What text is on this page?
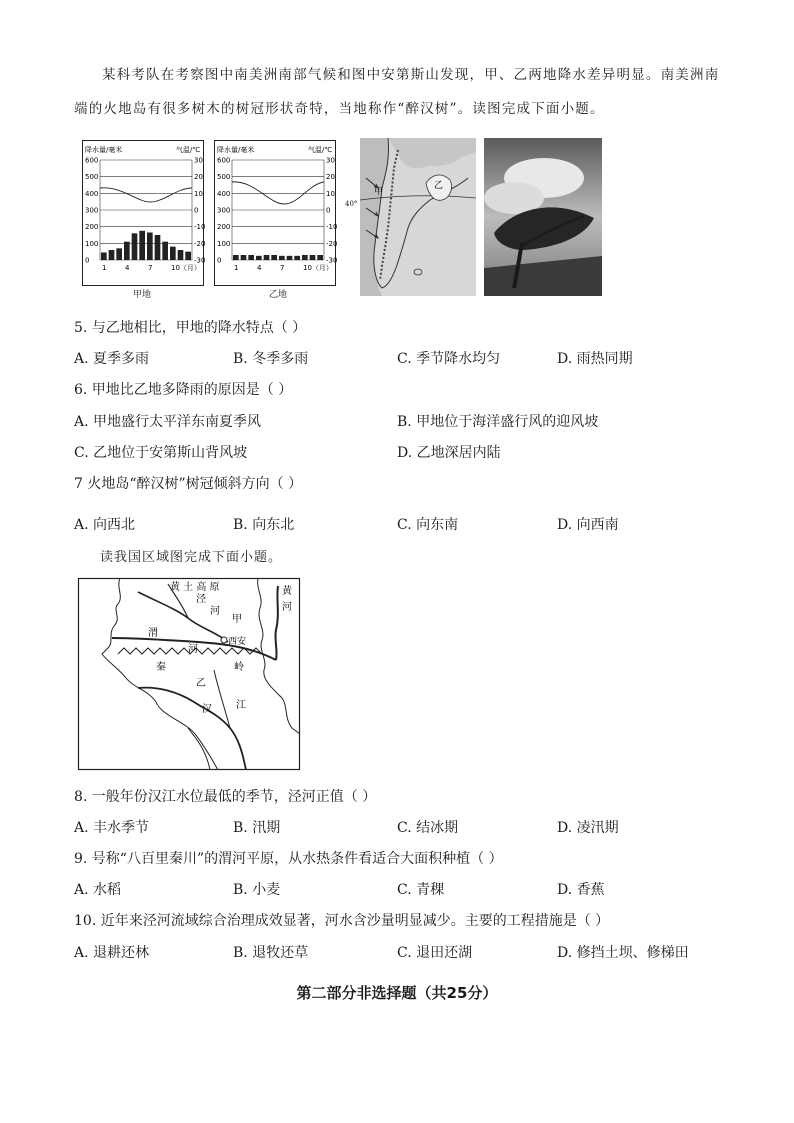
某科考队在考察图中南美洲南部气候和图中安第斯山发现，甲、乙两地降水差异明显。南美洲南端的火地岛有很多树木的树冠形状奇特，当地称作“醉汉树”。读图完成下面小题。
降水量/毫米	气温/℃
600	30
500	20
400	10
300	0
200	-10
100	-20
0	-30
1	4	7	10（月）
甲地
降水量/毫米	气温/℃
600	30
500	20
400	10
300	0
200	-10
100	-20
0	-30
1	4	7	10（月）
乙地
甲
乙
40°
5. 与乙地相比，甲地的降水特点（ ）
A. 夏季多雨	B. 冬季多雨	C. 季节降水均匀	D. 雨热同期
6. 甲地比乙地多降雨的原因是（ ）
A. 甲地盛行太平洋东南夏季风	B. 甲地位于海洋盛行风的迎风坡
C. 乙地位于安第斯山背风坡	D. 乙地深居内陆
7 火地岛“醉汉树”树冠倾斜方向（ ）
A. 向西北	B. 向东北	C. 向东南	D. 向西南
读我国区域图完成下面小题。
黄 土 高 原	黄
河
泾
河
甲
西安
渭
河
秦	岭
乙
汉 江
8. 一般年份汉江水位最低的季节，泾河正值（ ）
A. 丰水季节	B. 汛期	C. 结冰期	D. 凌汛期
9. 号称“八百里秦川”的渭河平原，从水热条件看适合大面积种植（ ）
A. 水稻	B. 小麦	C. 青稞	D. 香蕉
10. 近年来泾河流域综合治理成效显著，河水含沙量明显减少。主要的工程措施是（ ）
A. 退耕还林	B. 退牧还草	C. 退田还湖	D. 修挡土坝、修梯田
第二部分非选择题（共25分）
